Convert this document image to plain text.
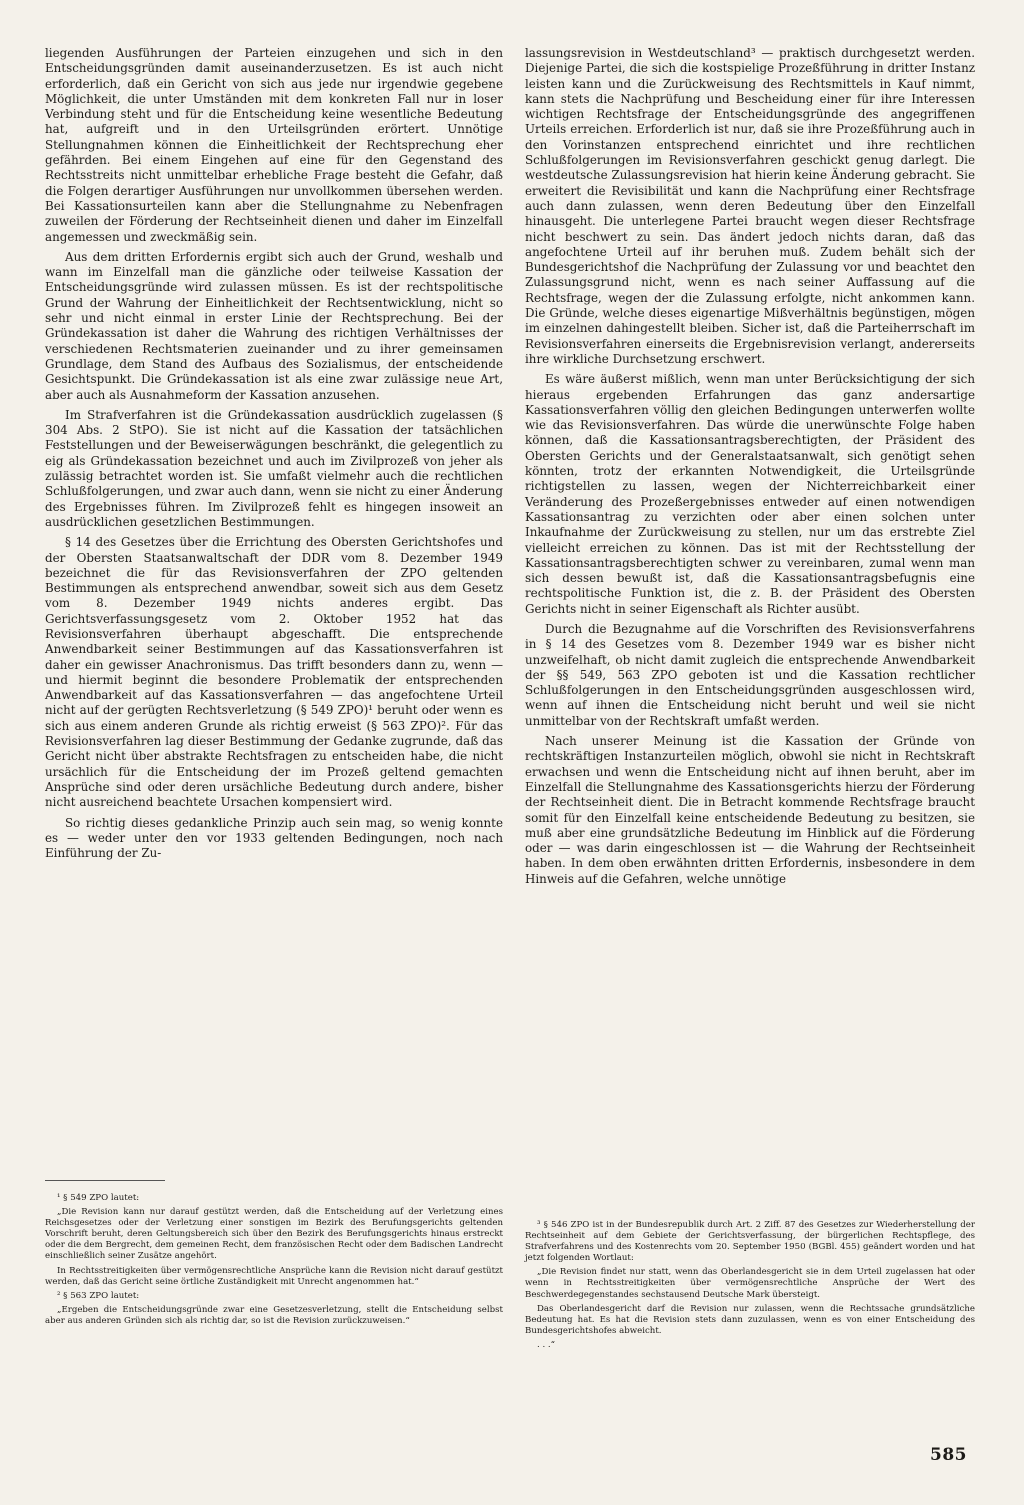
liegenden Ausführungen der Parteien einzugehen und sich in den Entscheidungsgründen damit auseinanderzusetzen. Es ist auch nicht erforderlich, daß ein Gericht von sich aus jede nur irgendwie gegebene Möglichkeit, die unter Umständen mit dem konkreten Fall nur in loser Verbindung steht und für die Entscheidung keine wesentliche Bedeutung hat, aufgreift und in den Urteilsgründen erörtert. Unnötige Stellungnahmen können die Einheitlichkeit der Rechtsprechung eher gefährden. Bei einem Eingehen auf eine für den Gegenstand des Rechtsstreits nicht unmittelbar erhebliche Frage besteht die Gefahr, daß die Folgen derartiger Ausführungen nur unvollkommen übersehen werden. Bei Kassationsurteilen kann aber die Stellungnahme zu Nebenfragen zuweilen der Förderung der Rechtseinheit dienen und daher im Einzelfall angemessen und zweckmäßig sein.

Aus dem dritten Erfordernis ergibt sich auch der Grund, weshalb und wann im Einzelfall man die gänzliche oder teilweise Kassation der Entscheidungsgründe wird zulassen müssen. Es ist der rechtspolitische Grund der Wahrung der Einheitlichkeit der Rechtsentwicklung, nicht so sehr und nicht einmal in erster Linie der Rechtsprechung. Bei der Gründekassation ist daher die Wahrung des richtigen Verhältnisses der verschiedenen Rechtsmaterien zueinander und zu ihrer gemeinsamen Grundlage, dem Stand des Aufbaus des Sozialismus, der entscheidende Gesichtspunkt. Die Gründekassation ist als eine zwar zulässige neue Art, aber auch als Ausnahmeform der Kassation anzusehen.

Im Strafverfahren ist die Gründekassation ausdrücklich zugelassen (§ 304 Abs. 2 StPO). Sie ist nicht auf die Kassation der tatsächlichen Feststellungen und der Beweiserwägungen beschränkt, die gelegentlich zu eig als Gründekassation bezeichnet und auch im Zivilprozeß von jeher als zulässig betrachtet worden ist. Sie umfaßt vielmehr auch die rechtlichen Schlußfolgerungen, und zwar auch dann, wenn sie nicht zu einer Änderung des Ergebnisses führen. Im Zivilprozeß fehlt es hingegen insoweit an ausdrücklichen gesetzlichen Bestimmungen.

§ 14 des Gesetzes über die Errichtung des Obersten Gerichtshofes und der Obersten Staatsanwaltschaft der DDR vom 8. Dezember 1949 bezeichnet die für das Revisionsverfahren der ZPO geltenden Bestimmungen als entsprechend anwendbar, soweit sich aus dem Gesetz vom 8. Dezember 1949 nichts anderes ergibt. Das Gerichtsverfassungsgesetz vom 2. Oktober 1952 hat das Revisionsverfahren überhaupt abgeschafft. Die entsprechende Anwendbarkeit seiner Bestimmungen auf das Kassationsverfahren ist daher ein gewisser Anachronismus. Das trifft besonders dann zu, wenn — und hiermit beginnt die besondere Problematik der entsprechenden Anwendbarkeit auf das Kassationsverfahren — das angefochtene Urteil nicht auf der gerügten Rechtsverletzung (§ 549 ZPO)¹ beruht oder wenn es sich aus einem anderen Grunde als richtig erweist (§ 563 ZPO)². Für das Revisionsverfahren lag dieser Bestimmung der Gedanke zugrunde, daß das Gericht nicht über abstrakte Rechtsfragen zu entscheiden habe, die nicht ursächlich für die Entscheidung der im Prozeß geltend gemachten Ansprüche sind oder deren ursächliche Bedeutung durch andere, bisher nicht ausreichend beachtete Ursachen kompensiert wird.

So richtig dieses gedankliche Prinzip auch sein mag, so wenig konnte es — weder unter den vor 1933 geltenden Bedingungen, noch nach Einführung der Zu-

lassungsrevision in Westdeutschland³ — praktisch durchgesetzt werden. Diejenige Partei, die sich die kostspielige Prozeßführung in dritter Instanz leisten kann und die Zurückweisung des Rechtsmittels in Kauf nimmt, kann stets die Nachprüfung und Bescheidung einer für ihre Interessen wichtigen Rechtsfrage der Entscheidungsgründe des angegriffenen Urteils erreichen. Erforderlich ist nur, daß sie ihre Prozeßführung auch in den Vorinstanzen entsprechend einrichtet und ihre rechtlichen Schlußfolgerungen im Revisionsverfahren geschickt genug darlegt. Die westdeutsche Zulassungsrevision hat hierin keine Änderung gebracht. Sie erweitert die Revisibilität und kann die Nachprüfung einer Rechtsfrage auch dann zulassen, wenn deren Bedeutung über den Einzelfall hinausgeht. Die unterlegene Partei braucht wegen dieser Rechtsfrage nicht beschwert zu sein. Das ändert jedoch nichts daran, daß das angefochtene Urteil auf ihr beruhen muß. Zudem behält sich der Bundesgerichtshof die Nachprüfung der Zulassung vor und beachtet den Zulassungsgrund nicht, wenn es nach seiner Auffassung auf die Rechtsfrage, wegen der die Zulassung erfolgte, nicht ankommen kann. Die Gründe, welche dieses eigenartige Mißverhältnis begünstigen, mögen im einzelnen dahingestellt bleiben. Sicher ist, daß die Parteiherrschaft im Revisionsverfahren einerseits die Ergebnisrevision verlangt, andererseits ihre wirkliche Durchsetzung erschwert.

Es wäre äußerst mißlich, wenn man unter Berücksichtigung der sich hieraus ergebenden Erfahrungen das ganz andersartige Kassationsverfahren völlig den gleichen Bedingungen unterwerfen wollte wie das Revisionsverfahren. Das würde die unerwünschte Folge haben können, daß die Kassationsantragsberechtigten, der Präsident des Obersten Gerichts und der Generalstaatsanwalt, sich genötigt sehen könnten, trotz der erkannten Notwendigkeit, die Urteilsgründe richtigstellen zu lassen, wegen der Nichterreichbarkeit einer Veränderung des Prozeßergebnisses entweder auf einen notwendigen Kassationsantrag zu verzichten oder aber einen solchen unter Inkaufnahme der Zurückweisung zu stellen, nur um das erstrebte Ziel vielleicht erreichen zu können. Das ist mit der Rechtsstellung der Kassationsantragsberechtigten schwer zu vereinbaren, zumal wenn man sich dessen bewußt ist, daß die Kassationsantragsbefugnis eine rechtspolitische Funktion ist, die z. B. der Präsident des Obersten Gerichts nicht in seiner Eigenschaft als Richter ausübt.

Durch die Bezugnahme auf die Vorschriften des Revisionsverfahrens in § 14 des Gesetzes vom 8. Dezember 1949 war es bisher nicht unzweifelhaft, ob nicht damit zugleich die entsprechende Anwendbarkeit der §§ 549, 563 ZPO geboten ist und die Kassation rechtlicher Schlußfolgerungen in den Entscheidungsgründen ausgeschlossen wird, wenn auf ihnen die Entscheidung nicht beruht und weil sie nicht unmittelbar von der Rechtskraft umfaßt werden.

Nach unserer Meinung ist die Kassation der Gründe von rechtskräftigen Instanzurteilen möglich, obwohl sie nicht in Rechtskraft erwachsen und wenn die Entscheidung nicht auf ihnen beruht, aber im Einzelfall die Stellungnahme des Kassationsgerichts hierzu der Förderung der Rechtseinheit dient. Die in Betracht kommende Rechtsfrage braucht somit für den Einzelfall keine entscheidende Bedeutung zu besitzen, sie muß aber eine grundsätzliche Bedeutung im Hinblick auf die Förderung oder — was darin eingeschlossen ist — die Wahrung der Rechtseinheit haben. In dem oben erwähnten dritten Erfordernis, insbesondere in dem Hinweis auf die Gefahren, welche unnötige

¹ § 549 ZPO lautet:

„Die Revision kann nur darauf gestützt werden, daß die Entscheidung auf der Verletzung eines Reichsgesetzes oder der Verletzung einer sonstigen im Bezirk des Berufungsgerichts geltenden Vorschrift beruht, deren Geltungsbereich sich über den Bezirk des Berufungsgerichts hinaus erstreckt oder die dem Bergrecht, dem gemeinen Recht, dem französischen Recht oder dem Badischen Landrecht einschließlich seiner Zusätze angehört.

In Rechtsstreitigkeiten über vermögensrechtliche Ansprüche kann die Revision nicht darauf gestützt werden, daß das Gericht seine örtliche Zuständigkeit mit Unrecht angenommen hat.“

² § 563 ZPO lautet:

„Ergeben die Entscheidungsgründe zwar eine Gesetzesverletzung, stellt die Entscheidung selbst aber aus anderen Gründen sich als richtig dar, so ist die Revision zurückzuweisen.“

³ § 546 ZPO ist in der Bundesrepublik durch Art. 2 Ziff. 87 des Gesetzes zur Wiederherstellung der Rechtseinheit auf dem Gebiete der Gerichtsverfassung, der bürgerlichen Rechtspflege, des Strafverfahrens und des Kostenrechts vom 20. September 1950 (BGBl. 455) geändert worden und hat jetzt folgenden Wortlaut:

„Die Revision findet nur statt, wenn das Oberlandesgericht sie in dem Urteil zugelassen hat oder wenn in Rechtsstreitigkeiten über vermögensrechtliche Ansprüche der Wert des Beschwerdegegenstandes sechstausend Deutsche Mark übersteigt.

Das Oberlandesgericht darf die Revision nur zulassen, wenn die Rechtssache grundsätzliche Bedeutung hat. Es hat die Revision stets dann zuzulassen, wenn es von einer Entscheidung des Bundesgerichtshofes abweicht.

. . .“

585
